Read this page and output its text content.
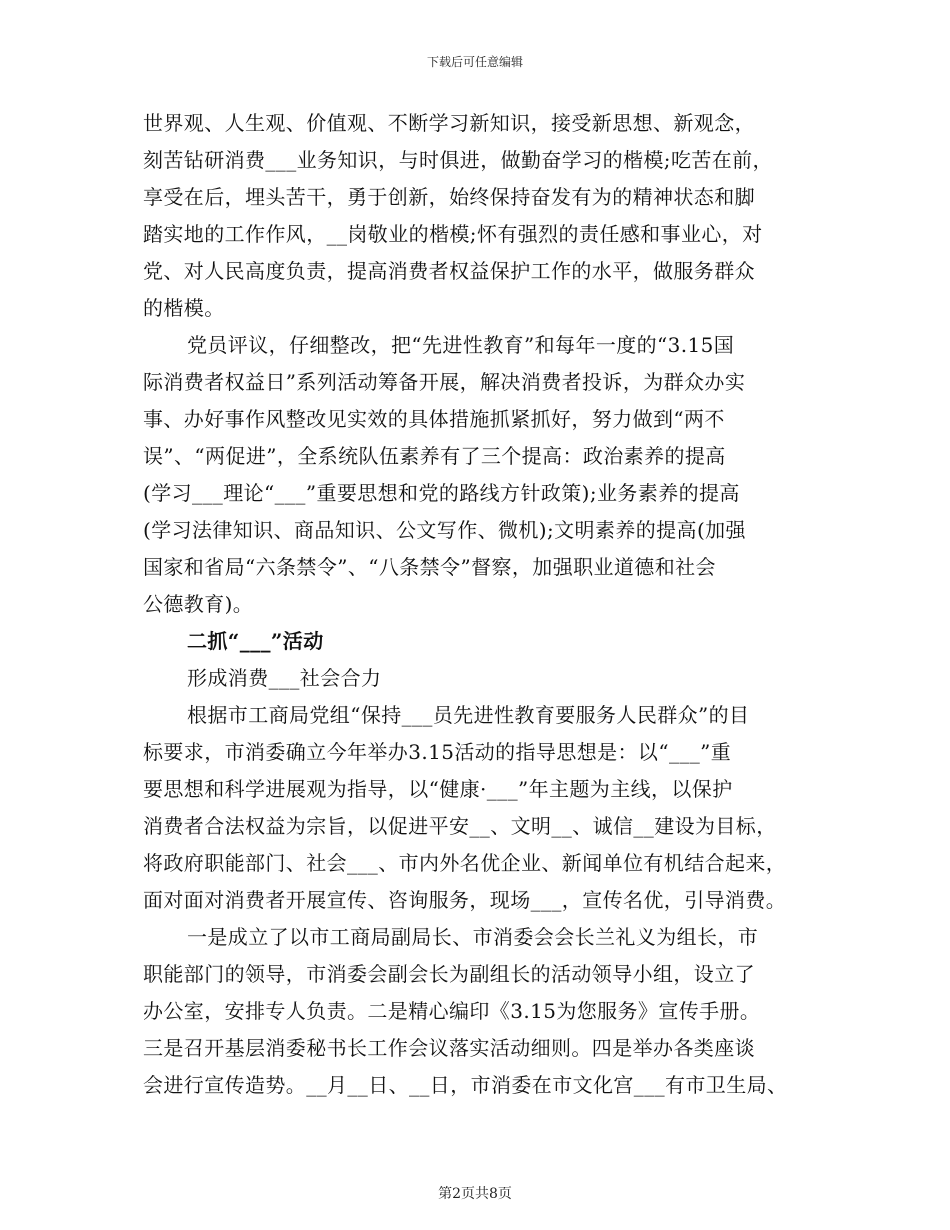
下载后可任意编辑
世界观、人生观、价值观、不断学习新知识，接受新思想、新观念，
刻苦钻研消费___业务知识，与时俱进，做勤奋学习的楷模;吃苦在前，
享受在后，埋头苦干，勇于创新，始终保持奋发有为的精神状态和脚
踏实地的工作作风，__岗敬业的楷模;怀有强烈的责任感和事业心，对
党、对人民高度负责，提高消费者权益保护工作的水平，做服务群众
的楷模。
党员评议，仔细整改，把“先进性教育”和每年一度的“3.15国
际消费者权益日”系列活动筹备开展，解决消费者投诉，为群众办实
事、办好事作风整改见实效的具体措施抓紧抓好，努力做到“两不
误”、“两促进”，全系统队伍素养有了三个提高：政治素养的提高
(学习___理论“___”重要思想和党的路线方针政策);业务素养的提高
(学习法律知识、商品知识、公文写作、微机);文明素养的提高(加强
国家和省局“六条禁令”、“八条禁令”督察，加强职业道德和社会
公德教育)。
二抓“___”活动
形成消费___社会合力
根据市工商局党组“保持___员先进性教育要服务人民群众”的目
标要求，市消委确立今年举办3.15活动的指导思想是：以“___”重
要思想和科学进展观为指导，以“健康·___”年主题为主线，以保护
消费者合法权益为宗旨，以促进平安__、文明__、诚信__建设为目标，
将政府职能部门、社会___、市内外名优企业、新闻单位有机结合起来，
面对面对消费者开展宣传、咨询服务，现场___，宣传名优，引导消费。
一是成立了以市工商局副局长、市消委会会长兰礼义为组长，市
职能部门的领导，市消委会副会长为副组长的活动领导小组，设立了
办公室，安排专人负责。二是精心编印《3.15为您服务》宣传手册。
三是召开基层消委秘书长工作会议落实活动细则。四是举办各类座谈
会进行宣传造势。__月__日、__日，市消委在市文化宫___有市卫生局、
第2页共8页
